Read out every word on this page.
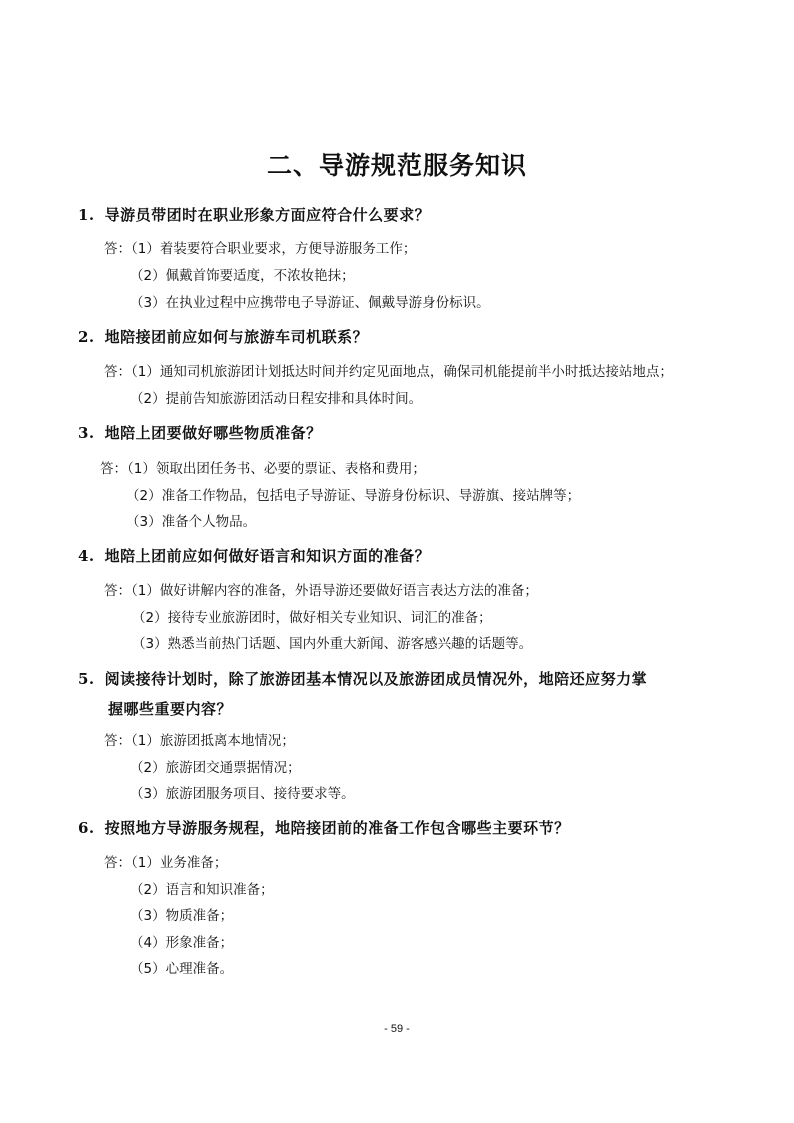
二、导游规范服务知识
1. 导游员带团时在职业形象方面应符合什么要求？
答：（1）着装要符合职业要求，方便导游服务工作；
（2）佩戴首饰要适度，不浓妆艳抹；
（3）在执业过程中应携带电子导游证、佩戴导游身份标识。
2. 地陪接团前应如何与旅游车司机联系？
答：（1）通知司机旅游团计划抵达时间并约定见面地点，确保司机能提前半小时抵达接站地点；
（2）提前告知旅游团活动日程安排和具体时间。
3. 地陪上团要做好哪些物质准备？
答：（1）领取出团任务书、必要的票证、表格和费用；
（2）准备工作物品，包括电子导游证、导游身份标识、导游旗、接站牌等；
（3）准备个人物品。
4. 地陪上团前应如何做好语言和知识方面的准备？
答：（1）做好讲解内容的准备，外语导游还要做好语言表达方法的准备；
（2）接待专业旅游团时，做好相关专业知识、词汇的准备；
（3）熟悉当前热门话题、国内外重大新闻、游客感兴趣的话题等。
5. 阅读接待计划时，除了旅游团基本情况以及旅游团成员情况外，地陪还应努力掌
握哪些重要内容？
答：（1）旅游团抵离本地情况；
（2）旅游团交通票据情况；
（3）旅游团服务项目、接待要求等。
6. 按照地方导游服务规程，地陪接团前的准备工作包含哪些主要环节？
答：（1）业务准备；
（2）语言和知识准备；
（3）物质准备；
（4）形象准备；
（5）心理准备。
- 59 -
